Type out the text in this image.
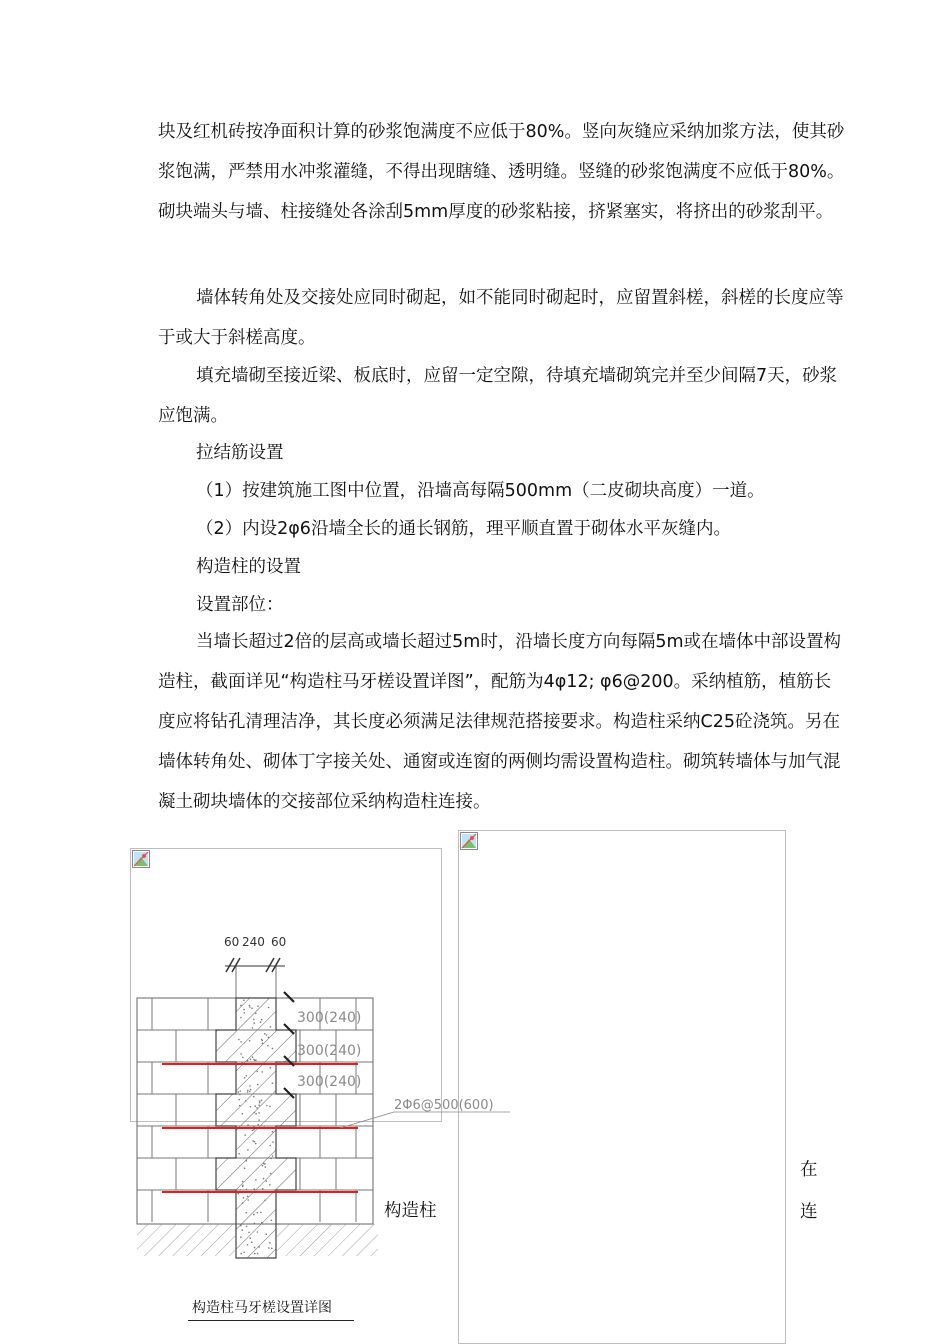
块及红机砖按净面积计算的砂浆饱满度不应低于80%。竖向灰缝应采纳加浆方法，使其砂浆饱满，严禁用水冲浆灌缝，不得出现瞎缝、透明缝。竖缝的砂浆饱满度不应低于80%。砌块端头与墙、柱接缝处各涂刮5mm厚度的砂浆粘接，挤紧塞实，将挤出的砂浆刮平。

墙体转角处及交接处应同时砌起，如不能同时砌起时，应留置斜槎，斜槎的长度应等于或大于斜槎高度。

填充墙砌至接近梁、板底时，应留一定空隙，待填充墙砌筑完并至少间隔7天，砂浆应饱满。

拉结筋设置
（1）按建筑施工图中位置，沿墙高每隔500mm（二皮砌块高度）一道。
（2）内设2φ6沿墙全长的通长钢筋，理平顺直置于砌体水平灰缝内。
构造柱的设置
设置部位：

当墙长超过2倍的层高或墙长超过5m时，沿墙长度方向每隔5m或在墙体中部设置构造柱，截面详见“构造柱马牙槎设置详图”，配筋为4φ12; φ6@200。采纳植筋，植筋长度应将钻孔清理洁净，其长度必须满足法律规范搭接要求。构造柱采纳C25砼浇筑。另在墙体转角处、砌体丁字接关处、通窗或连窗的两侧均需设置构造柱。砌筑转墙体与加气混凝土砌块墙体的交接部位采纳构造柱连接。

60 240 60
300(240)
300(240)
300(240)
2Φ6@500(600)
构造柱
构造柱马牙槎设置详图
在
连
